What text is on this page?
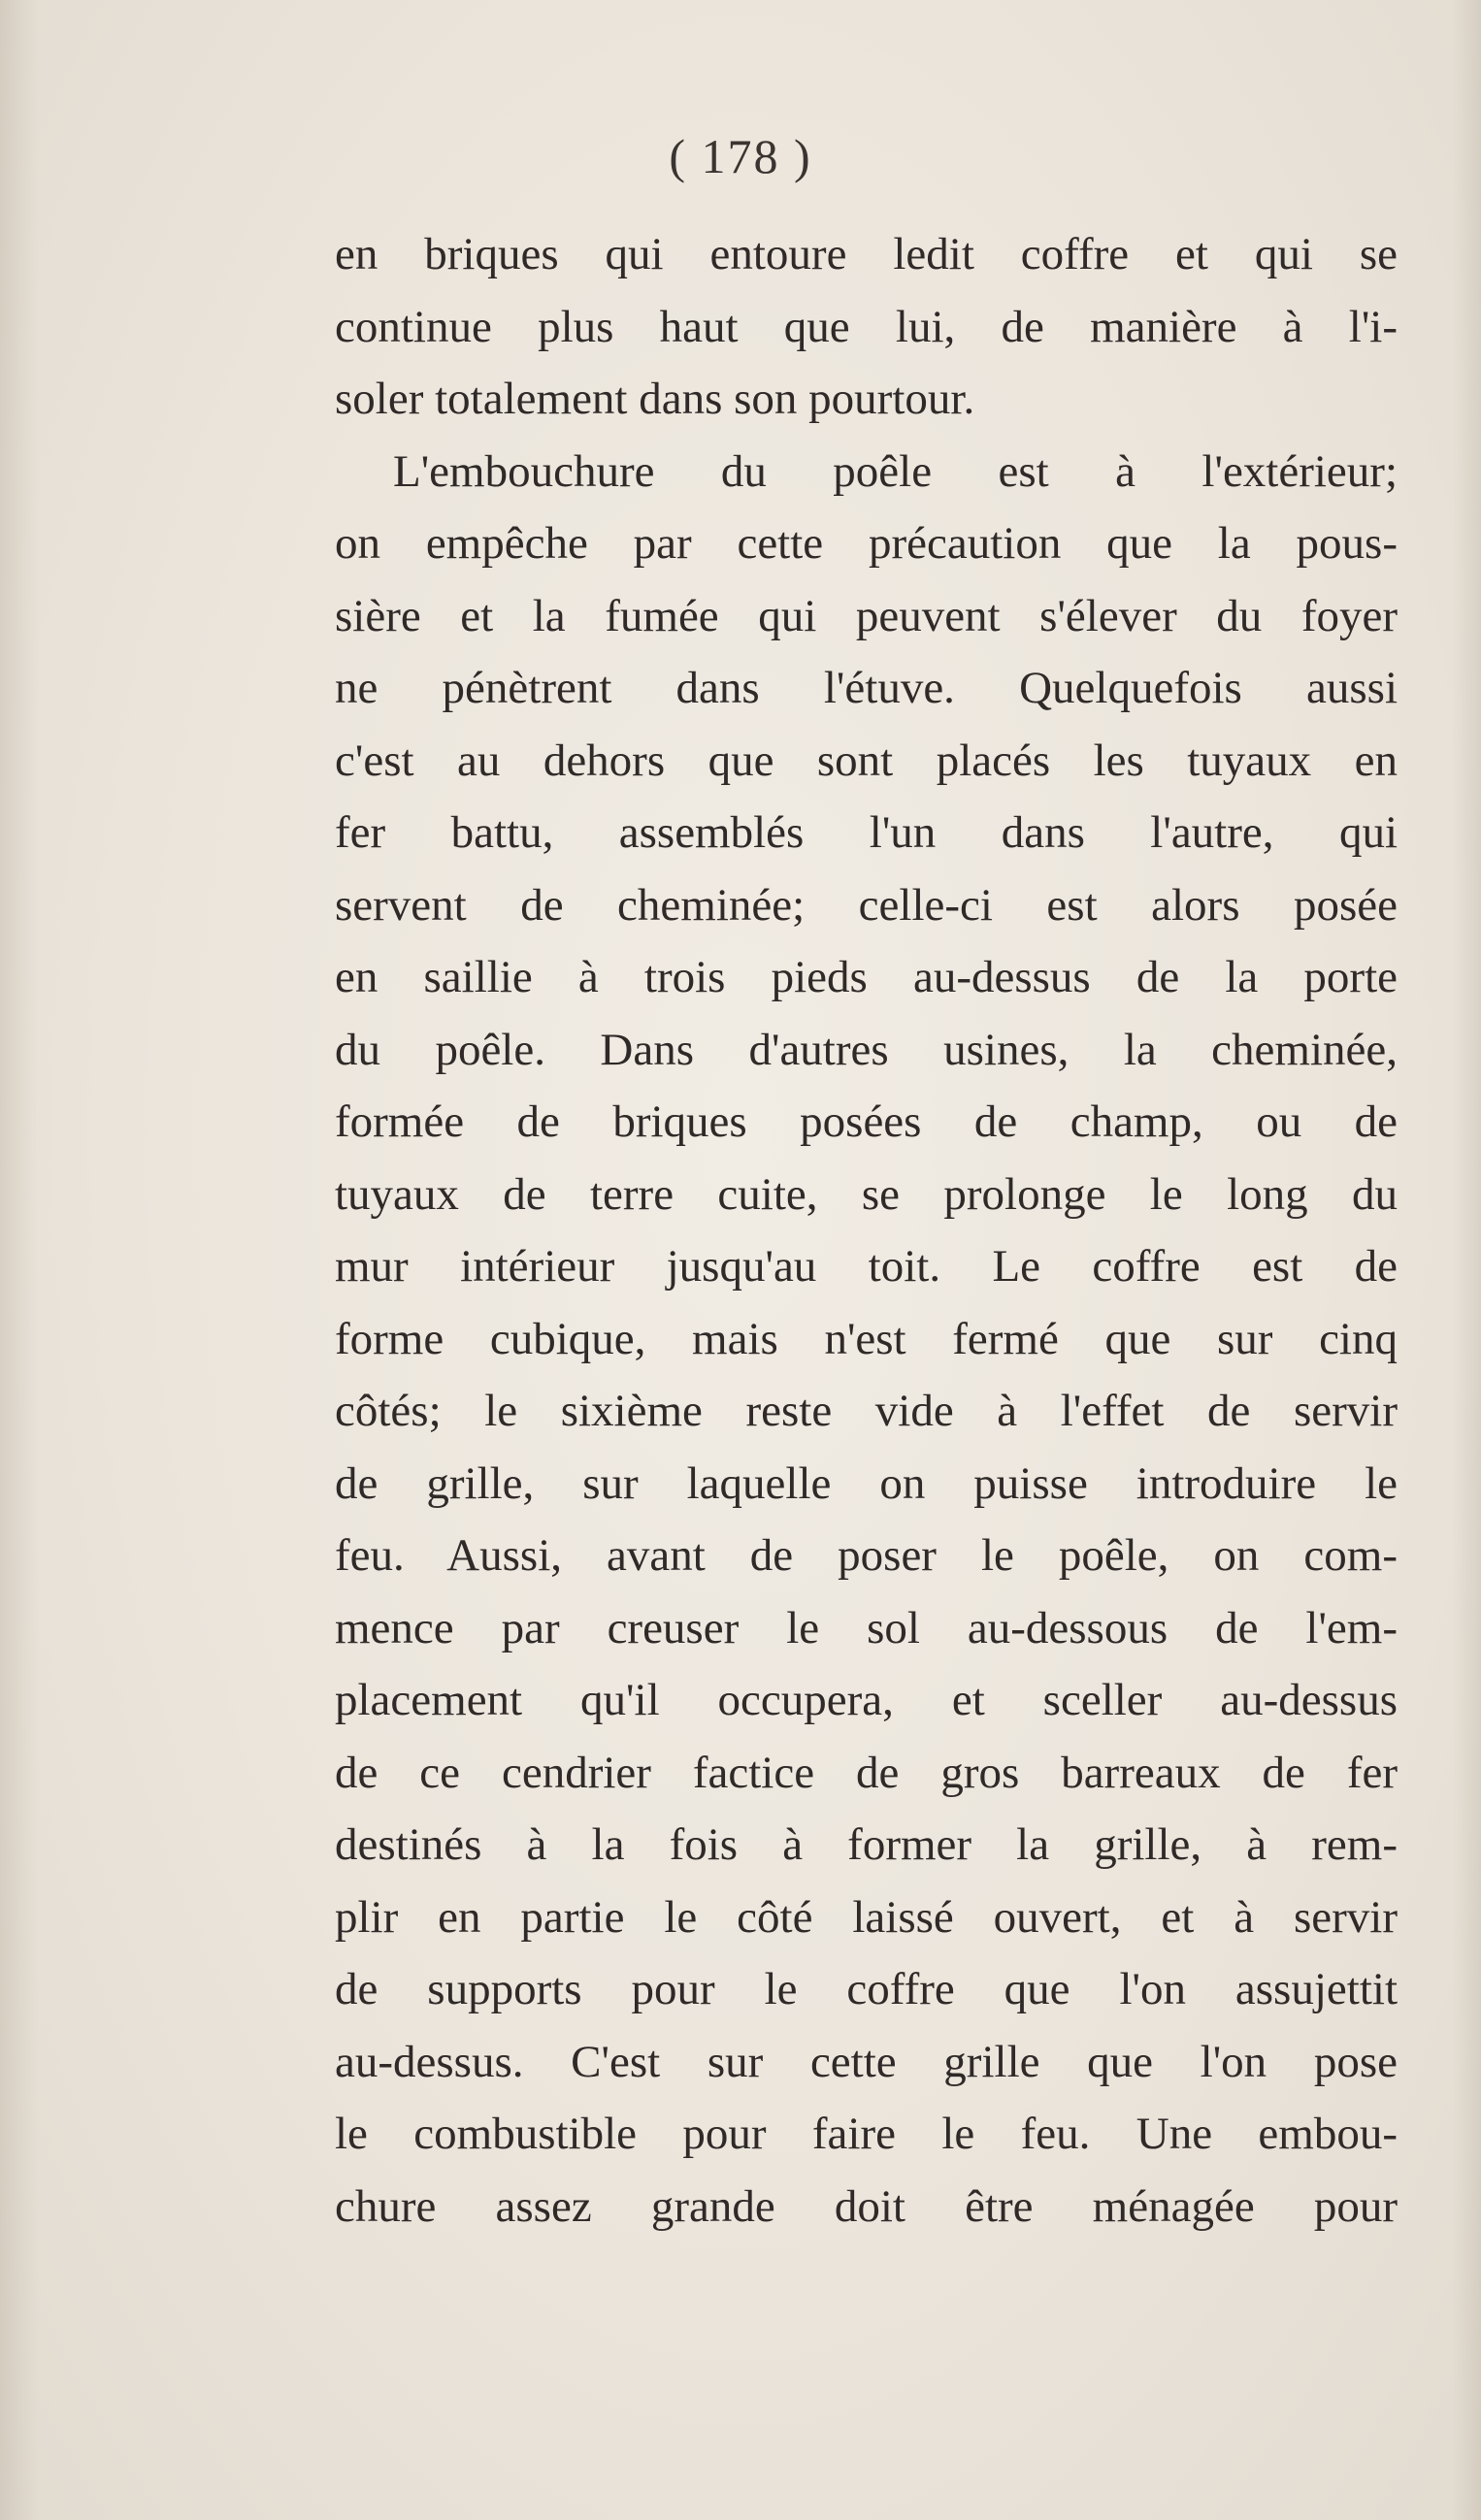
( 178 )
en briques qui entoure ledit coffre et qui se
continue plus haut que lui, de manière à l'i-
soler totalement dans son pourtour.
L'embouchure du poêle est à l'extérieur;
on empêche par cette précaution que la pous-
sière et la fumée qui peuvent s'élever du foyer
ne pénètrent dans l'étuve. Quelquefois aussi
c'est au dehors que sont placés les tuyaux en
fer battu, assemblés l'un dans l'autre, qui
servent de cheminée; celle-ci est alors posée
en saillie à trois pieds au-dessus de la porte
du poêle. Dans d'autres usines, la cheminée,
formée de briques posées de champ, ou de
tuyaux de terre cuite, se prolonge le long du
mur intérieur jusqu'au toit. Le coffre est de
forme cubique, mais n'est fermé que sur cinq
côtés; le sixième reste vide à l'effet de servir
de grille, sur laquelle on puisse introduire le
feu. Aussi, avant de poser le poêle, on com-
mence par creuser le sol au-dessous de l'em-
placement qu'il occupera, et sceller au-dessus
de ce cendrier factice de gros barreaux de fer
destinés à la fois à former la grille, à rem-
plir en partie le côté laissé ouvert, et à servir
de supports pour le coffre que l'on assujettit
au-dessus. C'est sur cette grille que l'on pose
le combustible pour faire le feu. Une embou-
chure assez grande doit être ménagée pour
